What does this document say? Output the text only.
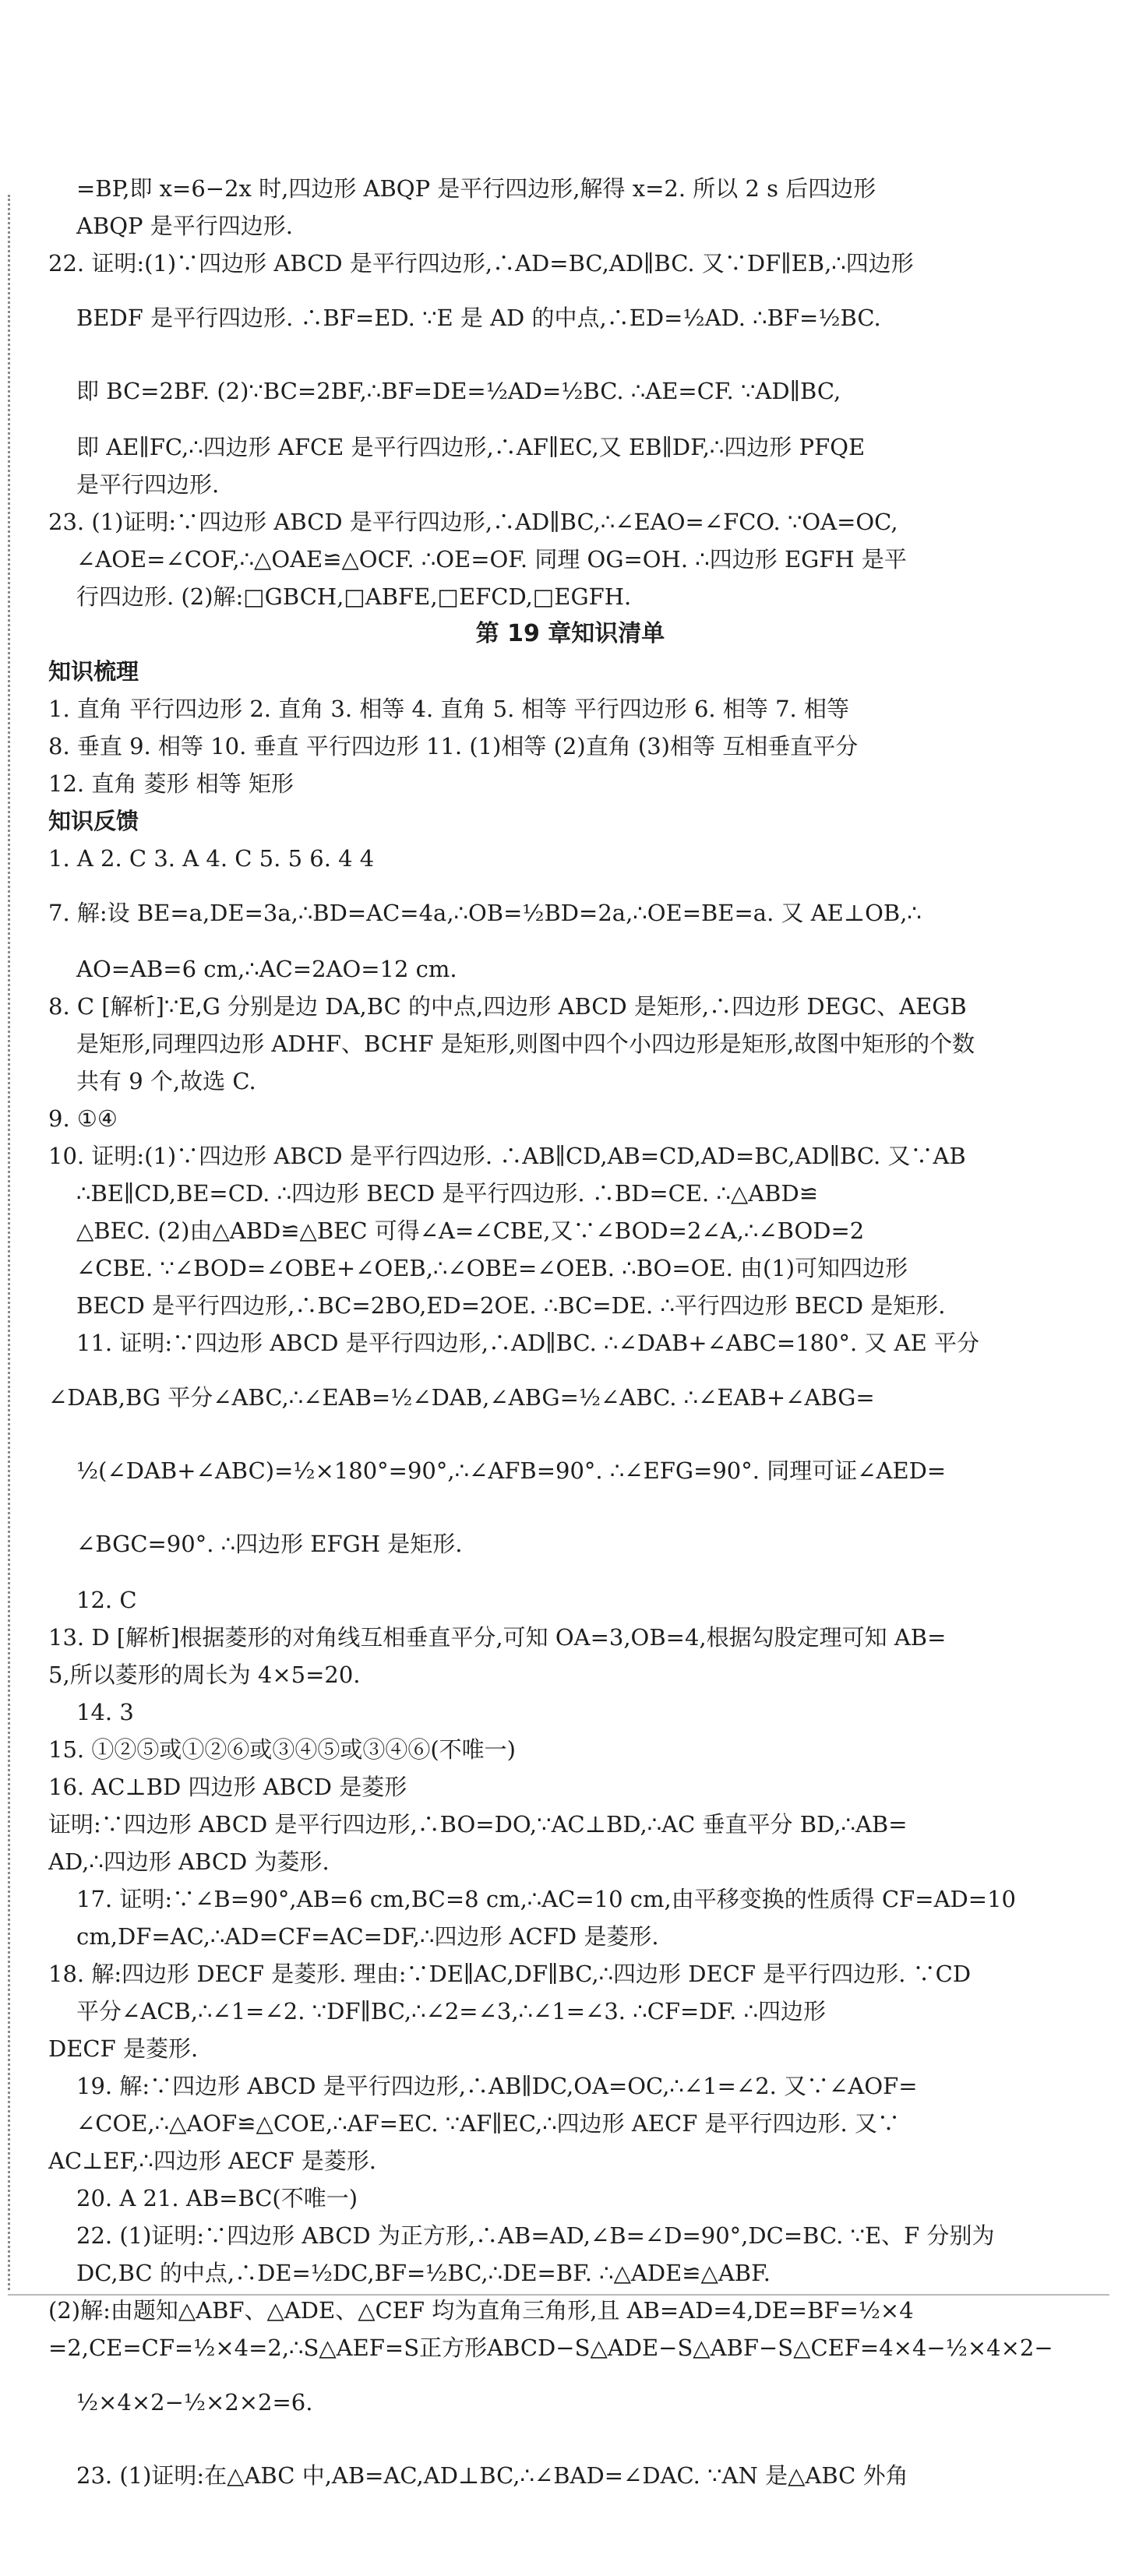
=BP,即 x=6−2x 时,四边形 ABQP 是平行四边形,解得 x=2. 所以 2 s 后四边形
ABQP 是平行四边形.
22. 证明:(1)∵四边形 ABCD 是平行四边形,∴AD=BC,AD∥BC. 又∵DF∥EB,∴四边形
BEDF 是平行四边形. ∴BF=ED. ∵E 是 AD 的中点,∴ED=½AD. ∴BF=½BC.
即 BC=2BF. (2)∵BC=2BF,∴BF=DE=½AD=½BC. ∴AE=CF. ∵AD∥BC,
即 AE∥FC,∴四边形 AFCE 是平行四边形,∴AF∥EC,又 EB∥DF,∴四边形 PFQE
是平行四边形.
23. (1)证明:∵四边形 ABCD 是平行四边形,∴AD∥BC,∴∠EAO=∠FCO. ∵OA=OC,
∠AOE=∠COF,∴△OAE≌△OCF. ∴OE=OF. 同理 OG=OH. ∴四边形 EGFH 是平
行四边形. (2)解:□GBCH,□ABFE,□EFCD,□EGFH.
第 19 章知识清单
知识梳理
1. 直角 平行四边形 2. 直角 3. 相等 4. 直角 5. 相等 平行四边形 6. 相等 7. 相等
8. 垂直 9. 相等 10. 垂直 平行四边形 11. (1)相等 (2)直角 (3)相等 互相垂直平分
12. 直角 菱形 相等 矩形
知识反馈
1. A 2. C 3. A 4. C 5. 5 6. 4 4
7. 解:设 BE=a,DE=3a,∴BD=AC=4a,∴OB=½BD=2a,∴OE=BE=a. 又 AE⊥OB,∴
AO=AB=6 cm,∴AC=2AO=12 cm.
8. C [解析]∵E,G 分别是边 DA,BC 的中点,四边形 ABCD 是矩形,∴四边形 DEGC、AEGB
是矩形,同理四边形 ADHF、BCHF 是矩形,则图中四个小四边形是矩形,故图中矩形的个数
共有 9 个,故选 C.
9. ①④
10. 证明:(1)∵四边形 ABCD 是平行四边形. ∴AB∥CD,AB=CD,AD=BC,AD∥BC. 又∵AB
∴BE∥CD,BE=CD. ∴四边形 BECD 是平行四边形. ∴BD=CE. ∴△ABD≌
△BEC. (2)由△ABD≌△BEC 可得∠A=∠CBE,又∵∠BOD=2∠A,∴∠BOD=2
∠CBE. ∵∠BOD=∠OBE+∠OEB,∴∠OBE=∠OEB. ∴BO=OE. 由(1)可知四边形
BECD 是平行四边形,∴BC=2BO,ED=2OE. ∴BC=DE. ∴平行四边形 BECD 是矩形.
11. 证明:∵四边形 ABCD 是平行四边形,∴AD∥BC. ∴∠DAB+∠ABC=180°. 又 AE 平分
∠DAB,BG 平分∠ABC,∴∠EAB=½∠DAB,∠ABG=½∠ABC. ∴∠EAB+∠ABG=
½(∠DAB+∠ABC)=½×180°=90°,∴∠AFB=90°. ∴∠EFG=90°. 同理可证∠AED=
∠BGC=90°. ∴四边形 EFGH 是矩形.
12. C
13. D [解析]根据菱形的对角线互相垂直平分,可知 OA=3,OB=4,根据勾股定理可知 AB=
5,所以菱形的周长为 4×5=20.
14. 3
15. ①②⑤或①②⑥或③④⑤或③④⑥(不唯一)
16. AC⊥BD 四边形 ABCD 是菱形
证明:∵四边形 ABCD 是平行四边形,∴BO=DO,∵AC⊥BD,∴AC 垂直平分 BD,∴AB=
AD,∴四边形 ABCD 为菱形.
17. 证明:∵∠B=90°,AB=6 cm,BC=8 cm,∴AC=10 cm,由平移变换的性质得 CF=AD=10
cm,DF=AC,∴AD=CF=AC=DF,∴四边形 ACFD 是菱形.
18. 解:四边形 DECF 是菱形. 理由:∵DE∥AC,DF∥BC,∴四边形 DECF 是平行四边形. ∵CD
平分∠ACB,∴∠1=∠2. ∵DF∥BC,∴∠2=∠3,∴∠1=∠3. ∴CF=DF. ∴四边形
DECF 是菱形.
19. 解:∵四边形 ABCD 是平行四边形,∴AB∥DC,OA=OC,∴∠1=∠2. 又∵∠AOF=
∠COE,∴△AOF≌△COE,∴AF=EC. ∵AF∥EC,∴四边形 AECF 是平行四边形. 又∵
AC⊥EF,∴四边形 AECF 是菱形.
20. A 21. AB=BC(不唯一)
22. (1)证明:∵四边形 ABCD 为正方形,∴AB=AD,∠B=∠D=90°,DC=BC. ∵E、F 分别为
DC,BC 的中点,∴DE=½DC,BF=½BC,∴DE=BF. ∴△ADE≌△ABF.
(2)解:由题知△ABF、△ADE、△CEF 均为直角三角形,且 AB=AD=4,DE=BF=½×4
=2,CE=CF=½×4=2,∴S△AEF=S正方形ABCD−S△ADE−S△ABF−S△CEF=4×4−½×4×2−
½×4×2−½×2×2=6.
23. (1)证明:在△ABC 中,AB=AC,AD⊥BC,∴∠BAD=∠DAC. ∵AN 是△ABC 外角
